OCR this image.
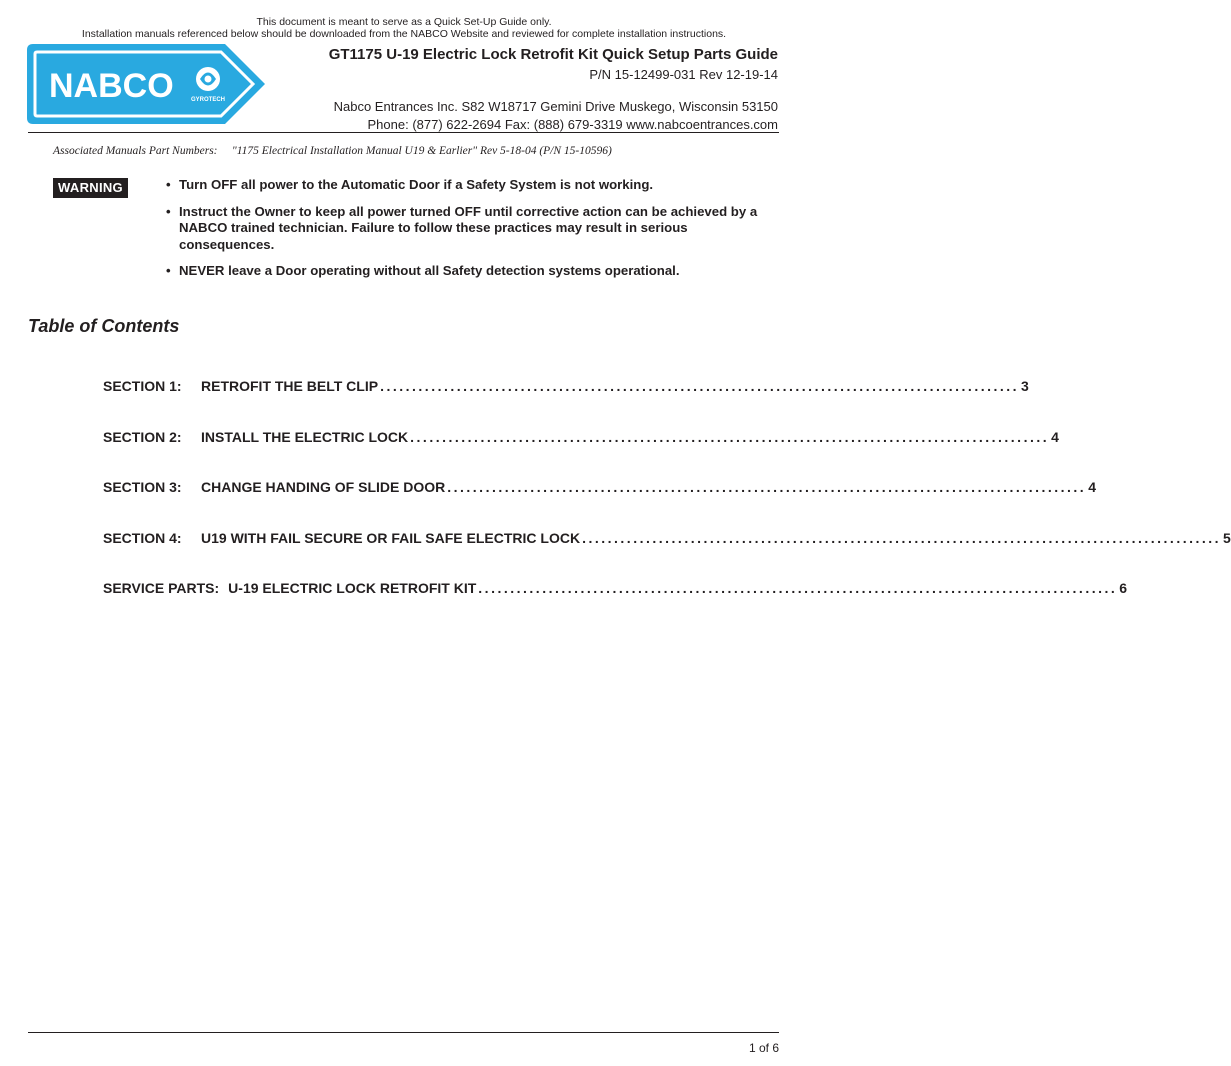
This document is meant to serve as a Quick Set-Up Guide only.
Installation manuals referenced below should be downloaded from the NABCO Website and reviewed for complete installation instructions.
NABCO	GYROTECH
GT1175 U-19 Electric Lock Retrofit Kit Quick Setup Parts Guide
P/N 15-12499-031 Rev 12-19-14
Nabco Entrances Inc. S82 W18717 Gemini Drive Muskego, Wisconsin 53150
Phone: (877) 622-2694 Fax: (888) 679-3319 www.nabcoentrances.com
Associated Manuals Part Numbers: "1175 Electrical Installation Manual U19 & Earlier" Rev 5-18-04 (P/N 15-10596)
WARNING	• Turn OFF all power to the Automatic Door if a Safety System is not working.
• Instruct the Owner to keep all power turned OFF until corrective action can be achieved by a NABCO trained technician. Failure to follow these practices may result in serious consequences.
• NEVER leave a Door operating without all Safety detection systems operational.
Table of Contents
SECTION 1: RETROFIT THE BELT CLIP .................................................................................................... 3
SECTION 2: INSTALL THE ELECTRIC LOCK .................................................................................................... 4
SECTION 3: CHANGE HANDING OF SLIDE DOOR .................................................................................................... 4
SECTION 4: U19 WITH FAIL SECURE OR FAIL SAFE ELECTRIC LOCK .................................................................................................... 5
SERVICE PARTS: U-19 ELECTRIC LOCK RETROFIT KIT .................................................................................................... 6
1 of 6
